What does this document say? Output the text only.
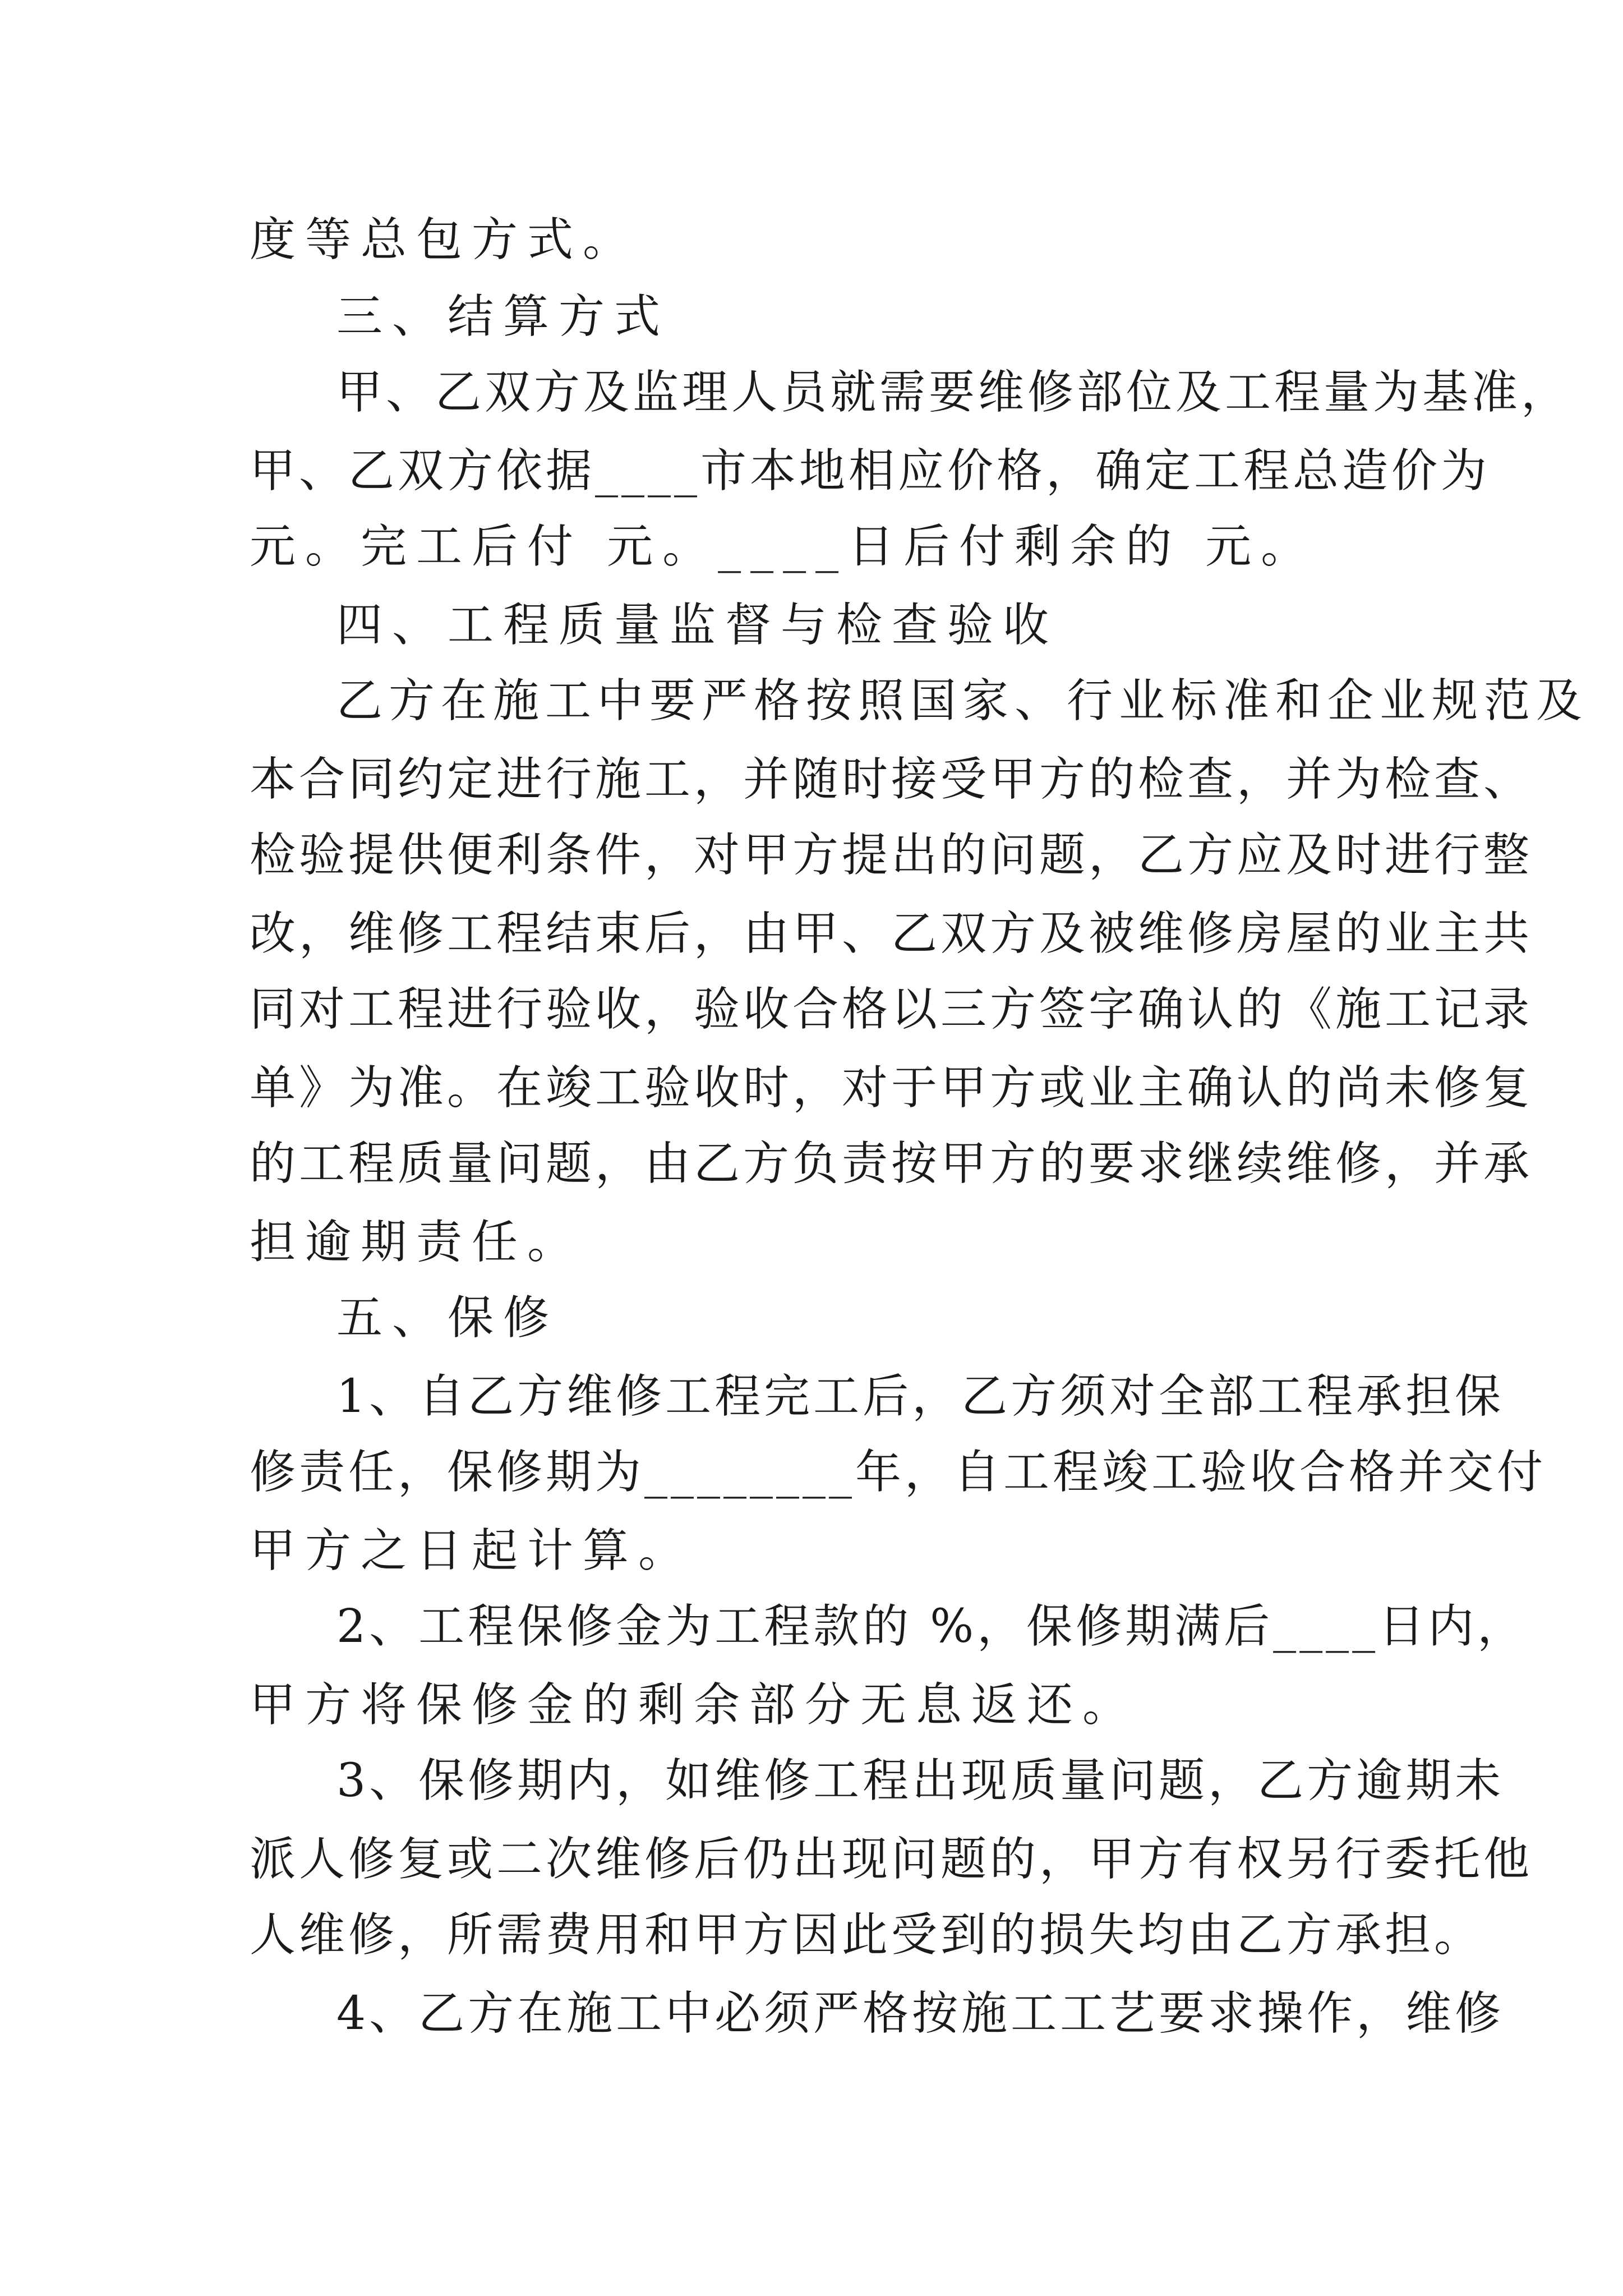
度等总包方式。
三、结算方式
甲、乙双方及监理人员就需要维修部位及工程量为基准，
甲、乙双方依据____市本地相应价格，确定工程总造价为
元。完工后付 元。____日后付剩余的 元。
四、工程质量监督与检查验收
乙方在施工中要严格按照国家、行业标准和企业规范及
本合同约定进行施工，并随时接受甲方的检查，并为检查、
检验提供便利条件，对甲方提出的问题，乙方应及时进行整
改，维修工程结束后，由甲、乙双方及被维修房屋的业主共
同对工程进行验收，验收合格以三方签字确认的《施工记录
单》为准。在竣工验收时，对于甲方或业主确认的尚未修复
的工程质量问题，由乙方负责按甲方的要求继续维修，并承
担逾期责任。
五、保修
1、自乙方维修工程完工后，乙方须对全部工程承担保
修责任，保修期为________年，自工程竣工验收合格并交付
甲方之日起计算。
2、工程保修金为工程款的 %，保修期满后____日内，
甲方将保修金的剩余部分无息返还。
3、保修期内，如维修工程出现质量问题，乙方逾期未
派人修复或二次维修后仍出现问题的，甲方有权另行委托他
人维修，所需费用和甲方因此受到的损失均由乙方承担。
4、乙方在施工中必须严格按施工工艺要求操作，维修
